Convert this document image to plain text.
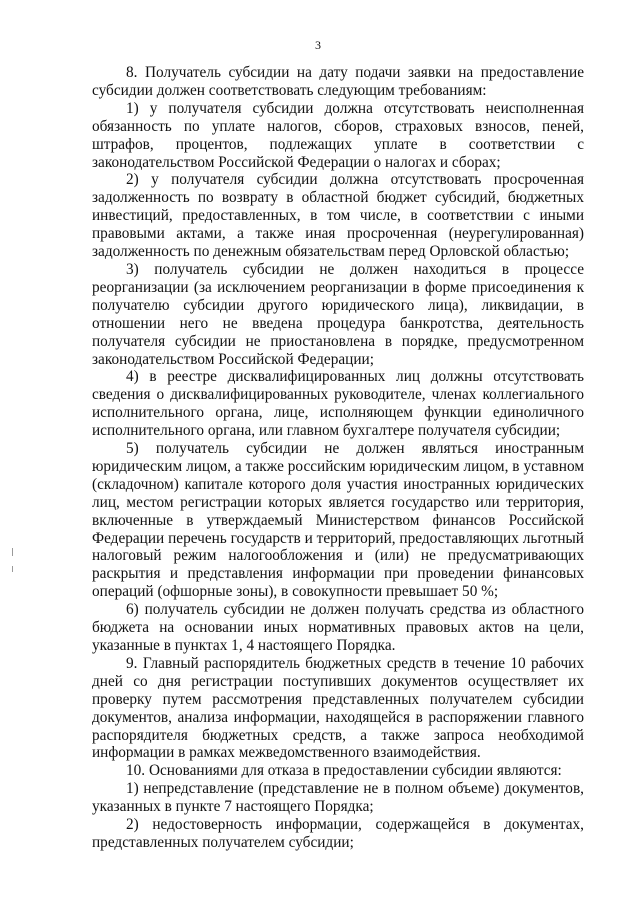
3

8. Получатель субсидии на дату подачи заявки на предоставление субсидии должен соответствовать следующим требованиям:

1) у получателя субсидии должна отсутствовать неисполненная обязанность по уплате налогов, сборов, страховых взносов, пеней, штрафов, процентов, подлежащих уплате в соответствии с законодательством Российской Федерации о налогах и сборах;

2) у получателя субсидии должна отсутствовать просроченная задолженность по возврату в областной бюджет субсидий, бюджетных инвестиций, предоставленных, в том числе, в соответствии с иными правовыми актами, а также иная просроченная (неурегулированная) задолженность по денежным обязательствам перед Орловской областью;

3) получатель субсидии не должен находиться в процессе реорганизации (за исключением реорганизации в форме присоединения к получателю субсидии другого юридического лица), ликвидации, в отношении него не введена процедура банкротства, деятельность получателя субсидии не приостановлена в порядке, предусмотренном законодательством Российской Федерации;

4) в реестре дисквалифицированных лиц должны отсутствовать сведения о дисквалифицированных руководителе, членах коллегиального исполнительного органа, лице, исполняющем функции единоличного исполнительного органа, или главном бухгалтере получателя субсидии;

5) получатель субсидии не должен являться иностранным юридическим лицом, а также российским юридическим лицом, в уставном (складочном) капитале которого доля участия иностранных юридических лиц, местом регистрации которых является государство или территория, включенные в утверждаемый Министерством финансов Российской Федерации перечень государств и территорий, предоставляющих льготный налоговый режим налогообложения и (или) не предусматривающих раскрытия и представления информации при проведении финансовых операций (офшорные зоны), в совокупности превышает 50 %;

6) получатель субсидии не должен получать средства из областного бюджета на основании иных нормативных правовых актов на цели, указанные в пунктах 1, 4 настоящего Порядка.

9. Главный распорядитель бюджетных средств в течение 10 рабочих дней со дня регистрации поступивших документов осуществляет их проверку путем рассмотрения представленных получателем субсидии документов, анализа информации, находящейся в распоряжении главного распорядителя бюджетных средств, а также запроса необходимой информации в рамках межведомственного взаимодействия.

10. Основаниями для отказа в предоставлении субсидии являются:

1) непредставление (представление не в полном объеме) документов, указанных в пункте 7 настоящего Порядка;

2) недостоверность информации, содержащейся в документах, представленных получателем субсидии;
